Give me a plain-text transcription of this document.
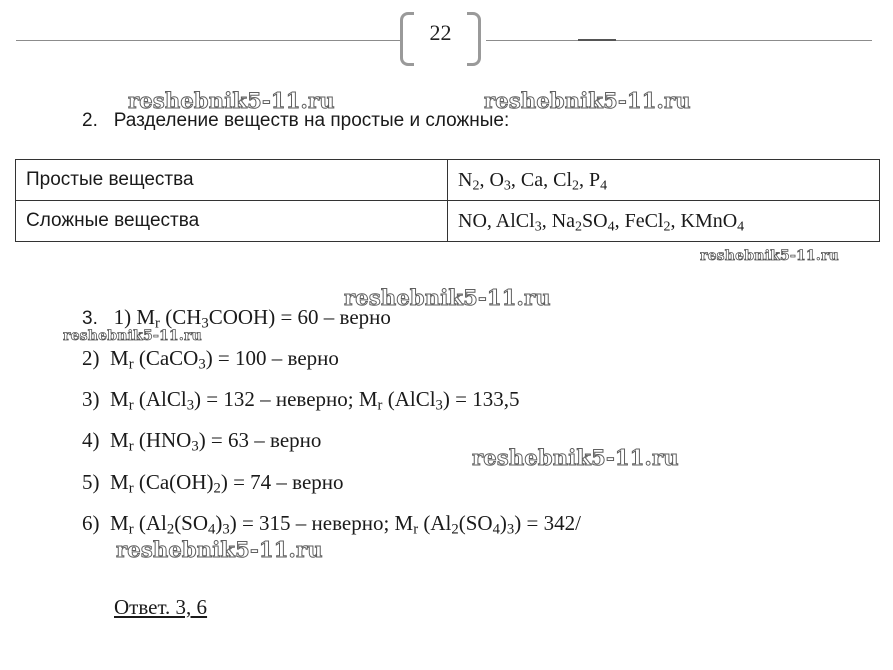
22
reshebnik5-11.ru	reshebnik5-11.ru
reshebnik5-11.ru
reshebnik5-11.ru
reshebnik5-11.ru
reshebnik5-11.ru
reshebnik5-11.ru
2. Разделение веществ на простые и сложные:
Простые вещества	$N_2$, $O_3$, Ca, $Cl_2$, $P_4$
Сложные вещества	NO, AlCl$_3$, $Na_2SO_4$, FeCl$_2$, KMnO$_4$
3. 1) $M_r$ $(CH_3COOH) = 60$ – верно
2) $M_r$ (CaCO$_3$) = 100 – верно
3) $M_r$ (AlCl$_3$) = 132 – неверно; $M_r$ (AlCl$_3$) = 133,5
4) $M_r$ $(HNO_3) = 63$ – верно
5) $M_r$ $(Ca(OH)_2) = 74$ – верно
6) $M_r$ $(Al_2(SO_4)_3) = 315$ – неверно; $M_r$ $(Al_2(SO_4)_3) = 342/$
Ответ. 3, 6
